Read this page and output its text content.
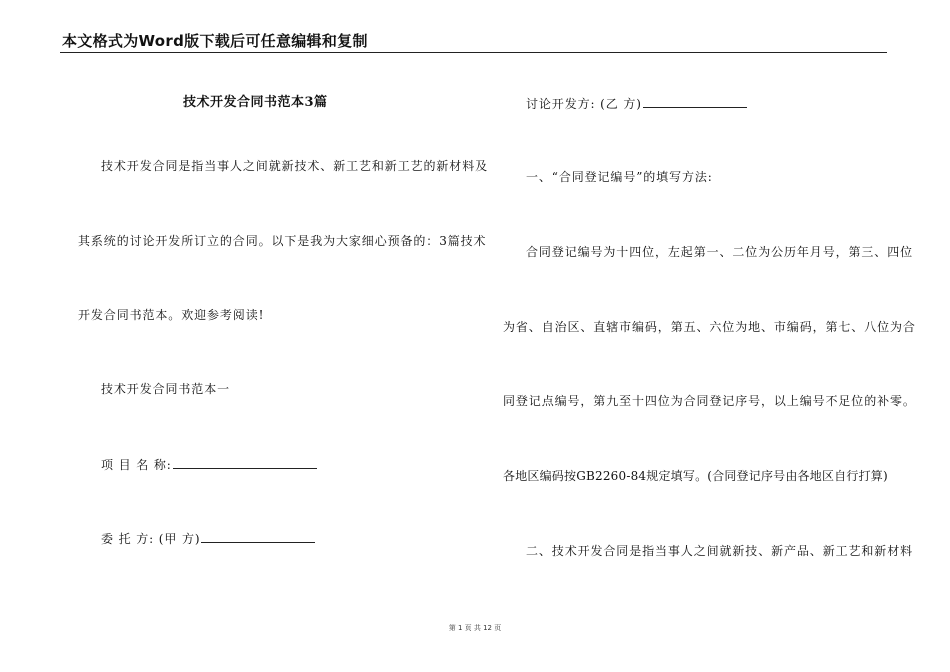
本文格式为Word版下载后可任意编辑和复制
技术开发合同书范本3篇
技术开发合同是指当事人之间就新技术、新工艺和新工艺的新材料及
其系统的讨论开发所订立的合同。以下是我为大家细心预备的：3篇技术
开发合同书范本。欢迎参考阅读!
技术开发合同书范本一
项 目 名 称:
委 托 方: (甲 方)
讨论开发方: (乙 方)
一、“合同登记编号”的填写方法:
合同登记编号为十四位，左起第一、二位为公历年月号，第三、四位
为省、自治区、直辖市编码，第五、六位为地、市编码，第七、八位为合
同登记点编号，第九至十四位为合同登记序号，以上编号不足位的补零。
各地区编码按GB2260-84规定填写。(合同登记序号由各地区自行打算)
二、技术开发合同是指当事人之间就新技、新产品、新工艺和新材料
第 1 页 共 12 页
